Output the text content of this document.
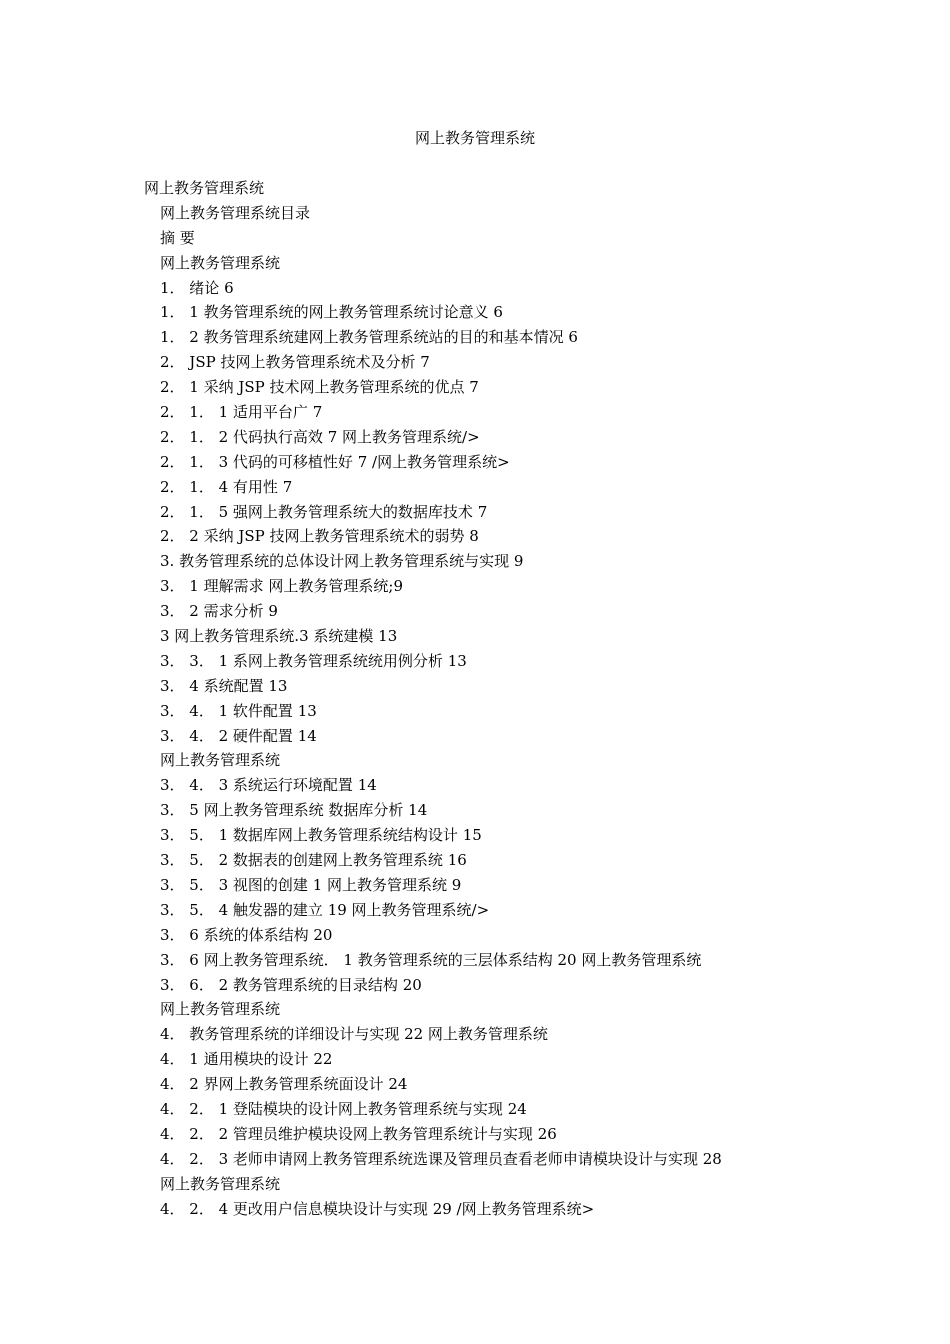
网上教务管理系统
网上教务管理系统
网上教务管理系统目录
摘 要
网上教务管理系统
1． 绪论 6
1． 1 教务管理系统的网上教务管理系统讨论意义 6
1． 2 教务管理系统建网上教务管理系统站的目的和基本情况 6
2． JSP 技网上教务管理系统术及分析 7
2． 1 采纳 JSP 技术网上教务管理系统的优点 7
2． 1． 1 适用平台广 7
2． 1． 2 代码执行高效 7 网上教务管理系统/>
2． 1． 3 代码的可移植性好 7 /网上教务管理系统>
2． 1． 4 有用性 7
2． 1． 5 强网上教务管理系统大的数据库技术 7
2． 2 采纳 JSP 技网上教务管理系统术的弱势 8
3. 教务管理系统的总体设计网上教务管理系统与实现 9
3． 1 理解需求 网上教务管理系统;9
3． 2 需求分析 9
3 网上教务管理系统.3 系统建模 13
3． 3． 1 系网上教务管理系统统用例分析 13
3． 4 系统配置 13
3． 4． 1 软件配置 13
3． 4． 2 硬件配置 14
网上教务管理系统
3． 4． 3 系统运行环境配置 14
3． 5 网上教务管理系统 数据库分析 14
3． 5． 1 数据库网上教务管理系统结构设计 15
3． 5． 2 数据表的创建网上教务管理系统 16
3． 5． 3 视图的创建 1 网上教务管理系统 9
3． 5． 4 触发器的建立 19 网上教务管理系统/>
3． 6 系统的体系结构 20
3． 6 网上教务管理系统． 1 教务管理系统的三层体系结构 20 网上教务管理系统
3． 6． 2 教务管理系统的目录结构 20
网上教务管理系统
4． 教务管理系统的详细设计与实现 22 网上教务管理系统
4． 1 通用模块的设计 22
4． 2 界网上教务管理系统面设计 24
4． 2． 1 登陆模块的设计网上教务管理系统与实现 24
4． 2． 2 管理员维护模块设网上教务管理系统计与实现 26
4． 2． 3 老师申请网上教务管理系统选课及管理员查看老师申请模块设计与实现 28
网上教务管理系统
4． 2． 4 更改用户信息模块设计与实现 29 /网上教务管理系统>
